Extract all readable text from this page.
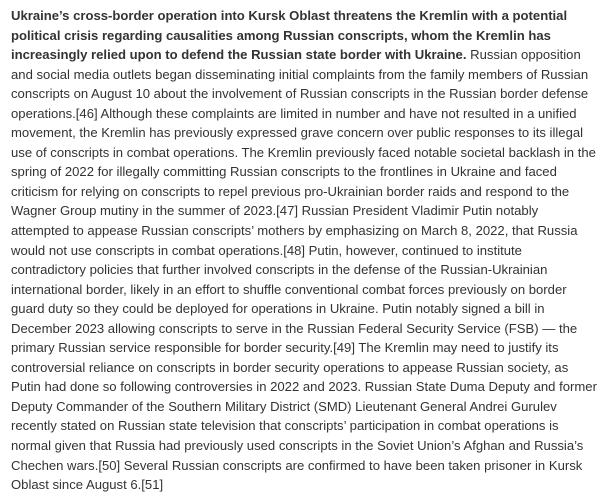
Ukraine’s cross-border operation into Kursk Oblast threatens the Kremlin with a potential political crisis regarding causalities among Russian conscripts, whom the Kremlin has increasingly relied upon to defend the Russian state border with Ukraine. Russian opposition and social media outlets began disseminating initial complaints from the family members of Russian conscripts on August 10 about the involvement of Russian conscripts in the Russian border defense operations.[46] Although these complaints are limited in number and have not resulted in a unified movement, the Kremlin has previously expressed grave concern over public responses to its illegal use of conscripts in combat operations. The Kremlin previously faced notable societal backlash in the spring of 2022 for illegally committing Russian conscripts to the frontlines in Ukraine and faced criticism for relying on conscripts to repel previous pro-Ukrainian border raids and respond to the Wagner Group mutiny in the summer of 2023.[47] Russian President Vladimir Putin notably attempted to appease Russian conscripts’ mothers by emphasizing on March 8, 2022, that Russia would not use conscripts in combat operations.[48] Putin, however, continued to institute contradictory policies that further involved conscripts in the defense of the Russian-Ukrainian international border, likely in an effort to shuffle conventional combat forces previously on border guard duty so they could be deployed for operations in Ukraine. Putin notably signed a bill in December 2023 allowing conscripts to serve in the Russian Federal Security Service (FSB) — the primary Russian service responsible for border security.[49] The Kremlin may need to justify its controversial reliance on conscripts in border security operations to appease Russian society, as Putin had done so following controversies in 2022 and 2023. Russian State Duma Deputy and former Deputy Commander of the Southern Military District (SMD) Lieutenant General Andrei Gurulev recently stated on Russian state television that conscripts’ participation in combat operations is normal given that Russia had previously used conscripts in the Soviet Union’s Afghan and Russia’s Chechen wars.[50] Several Russian conscripts are confirmed to have been taken prisoner in Kursk Oblast since August 6.[51]
